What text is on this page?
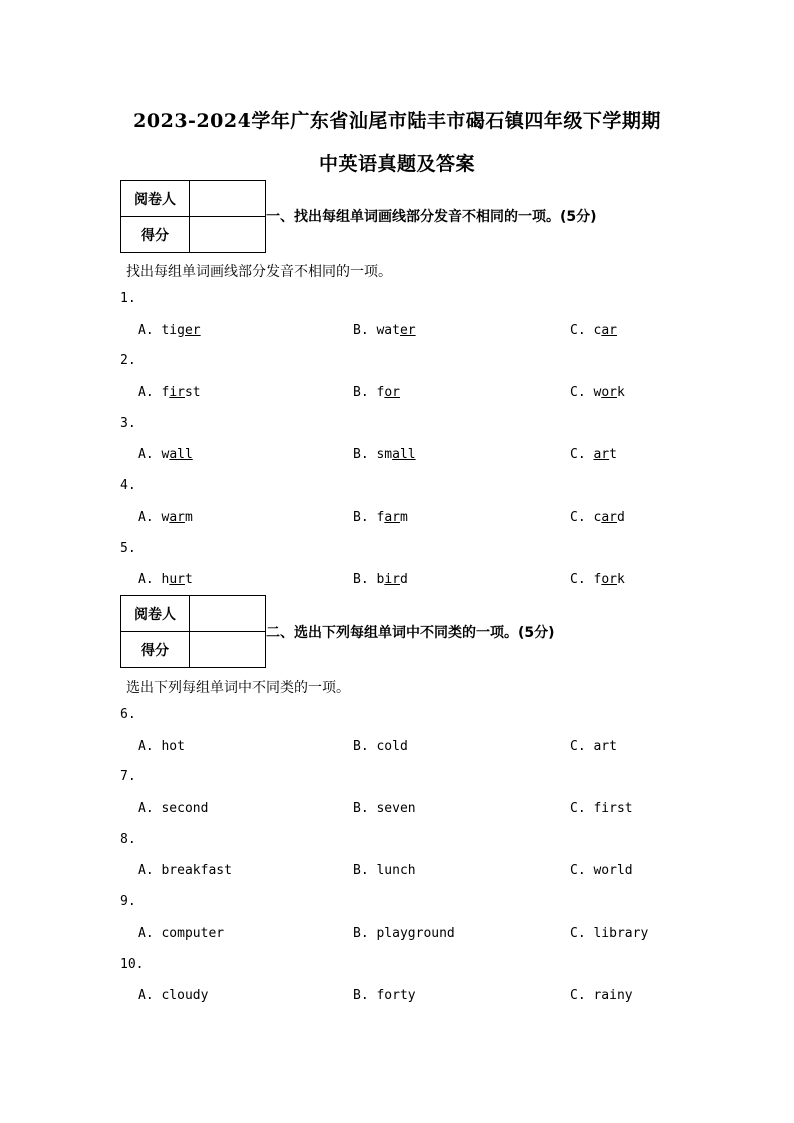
2023-2024学年广东省汕尾市陆丰市碣石镇四年级下学期期
中英语真题及答案
阅卷人	
得分	
一、找出每组单词画线部分发音不相同的一项。(5分)
找出每组单词画线部分发音不相同的一项。
1.
A. tiger	B. water	C. car
2.
A. first	B. for	C. work
3.
A. wall	B. small	C. art
4.
A. warm	B. farm	C. card
5.
A. hurt	B. bird	C. fork
阅卷人	
得分	
二、选出下列每组单词中不同类的一项。(5分)
选出下列每组单词中不同类的一项。
6.
A. hot	B. cold	C. art
7.
A. second	B. seven	C. first
8.
A. breakfast	B. lunch	C. world
9.
A. computer	B. playground	C. library
10.
A. cloudy	B. forty	C. rainy
